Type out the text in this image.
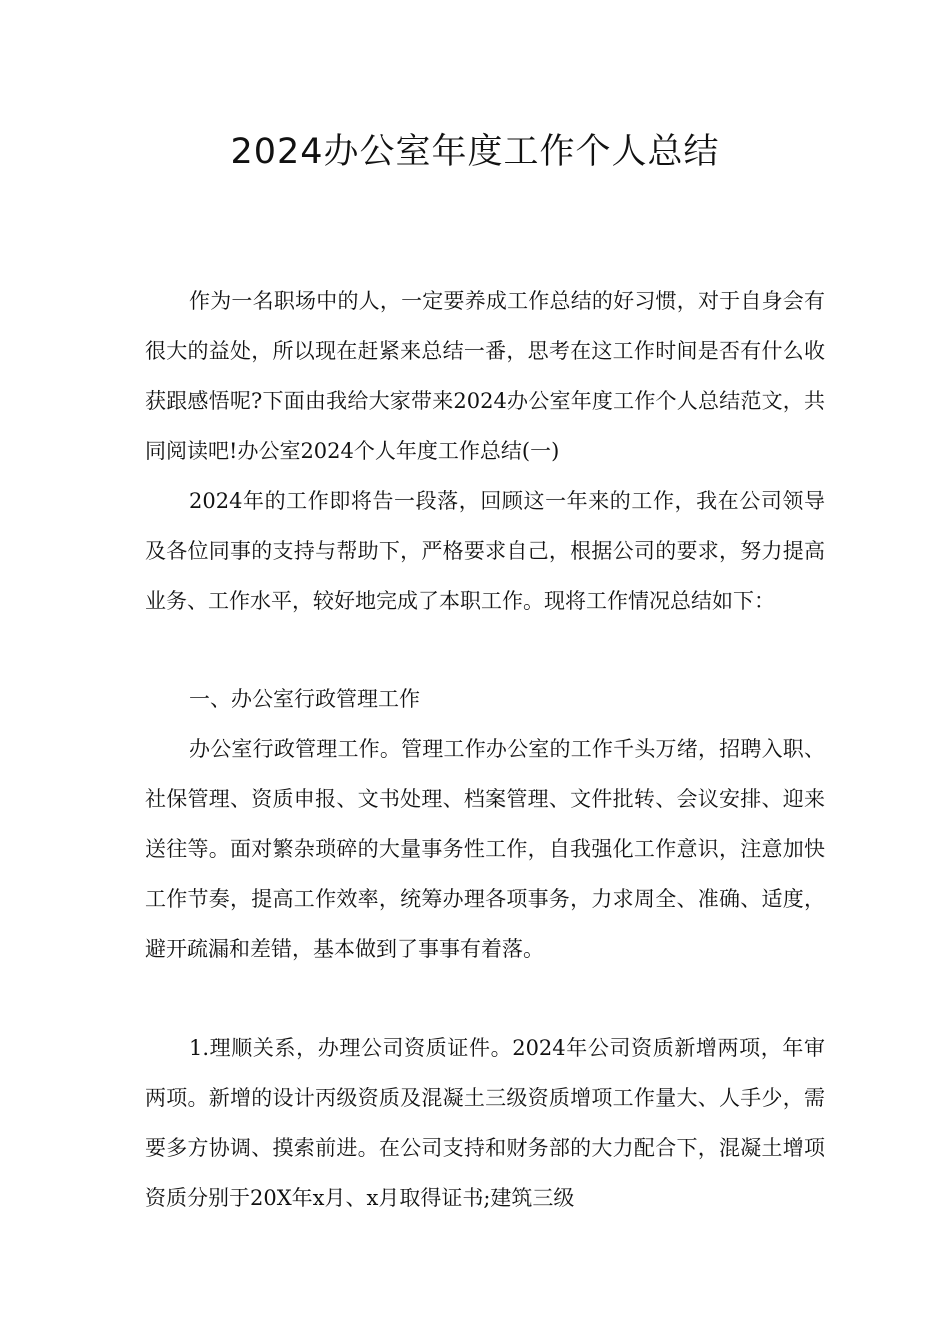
2024办公室年度工作个人总结

作为一名职场中的人，一定要养成工作总结的好习惯，对于自身会有很大的益处，所以现在赶紧来总结一番，思考在这工作时间是否有什么收获跟感悟呢?下面由我给大家带来2024办公室年度工作个人总结范文，共同阅读吧!办公室2024个人年度工作总结(一)

2024年的工作即将告一段落，回顾这一年来的工作，我在公司领导及各位同事的支持与帮助下，严格要求自己，根据公司的要求，努力提高业务、工作水平，较好地完成了本职工作。现将工作情况总结如下：

一、办公室行政管理工作

办公室行政管理工作。管理工作办公室的工作千头万绪，招聘入职、社保管理、资质申报、文书处理、档案管理、文件批转、会议安排、迎来送往等。面对繁杂琐碎的大量事务性工作，自我强化工作意识，注意加快工作节奏，提高工作效率，统筹办理各项事务，力求周全、准确、适度，避开疏漏和差错，基本做到了事事有着落。

1.理顺关系，办理公司资质证件。2024年公司资质新增两项，年审两项。新增的设计丙级资质及混凝土三级资质增项工作量大、人手少，需要多方协调、摸索前进。在公司支持和财务部的大力配合下，混凝土增项资质分别于20X年x月、x月取得证书;建筑三级
